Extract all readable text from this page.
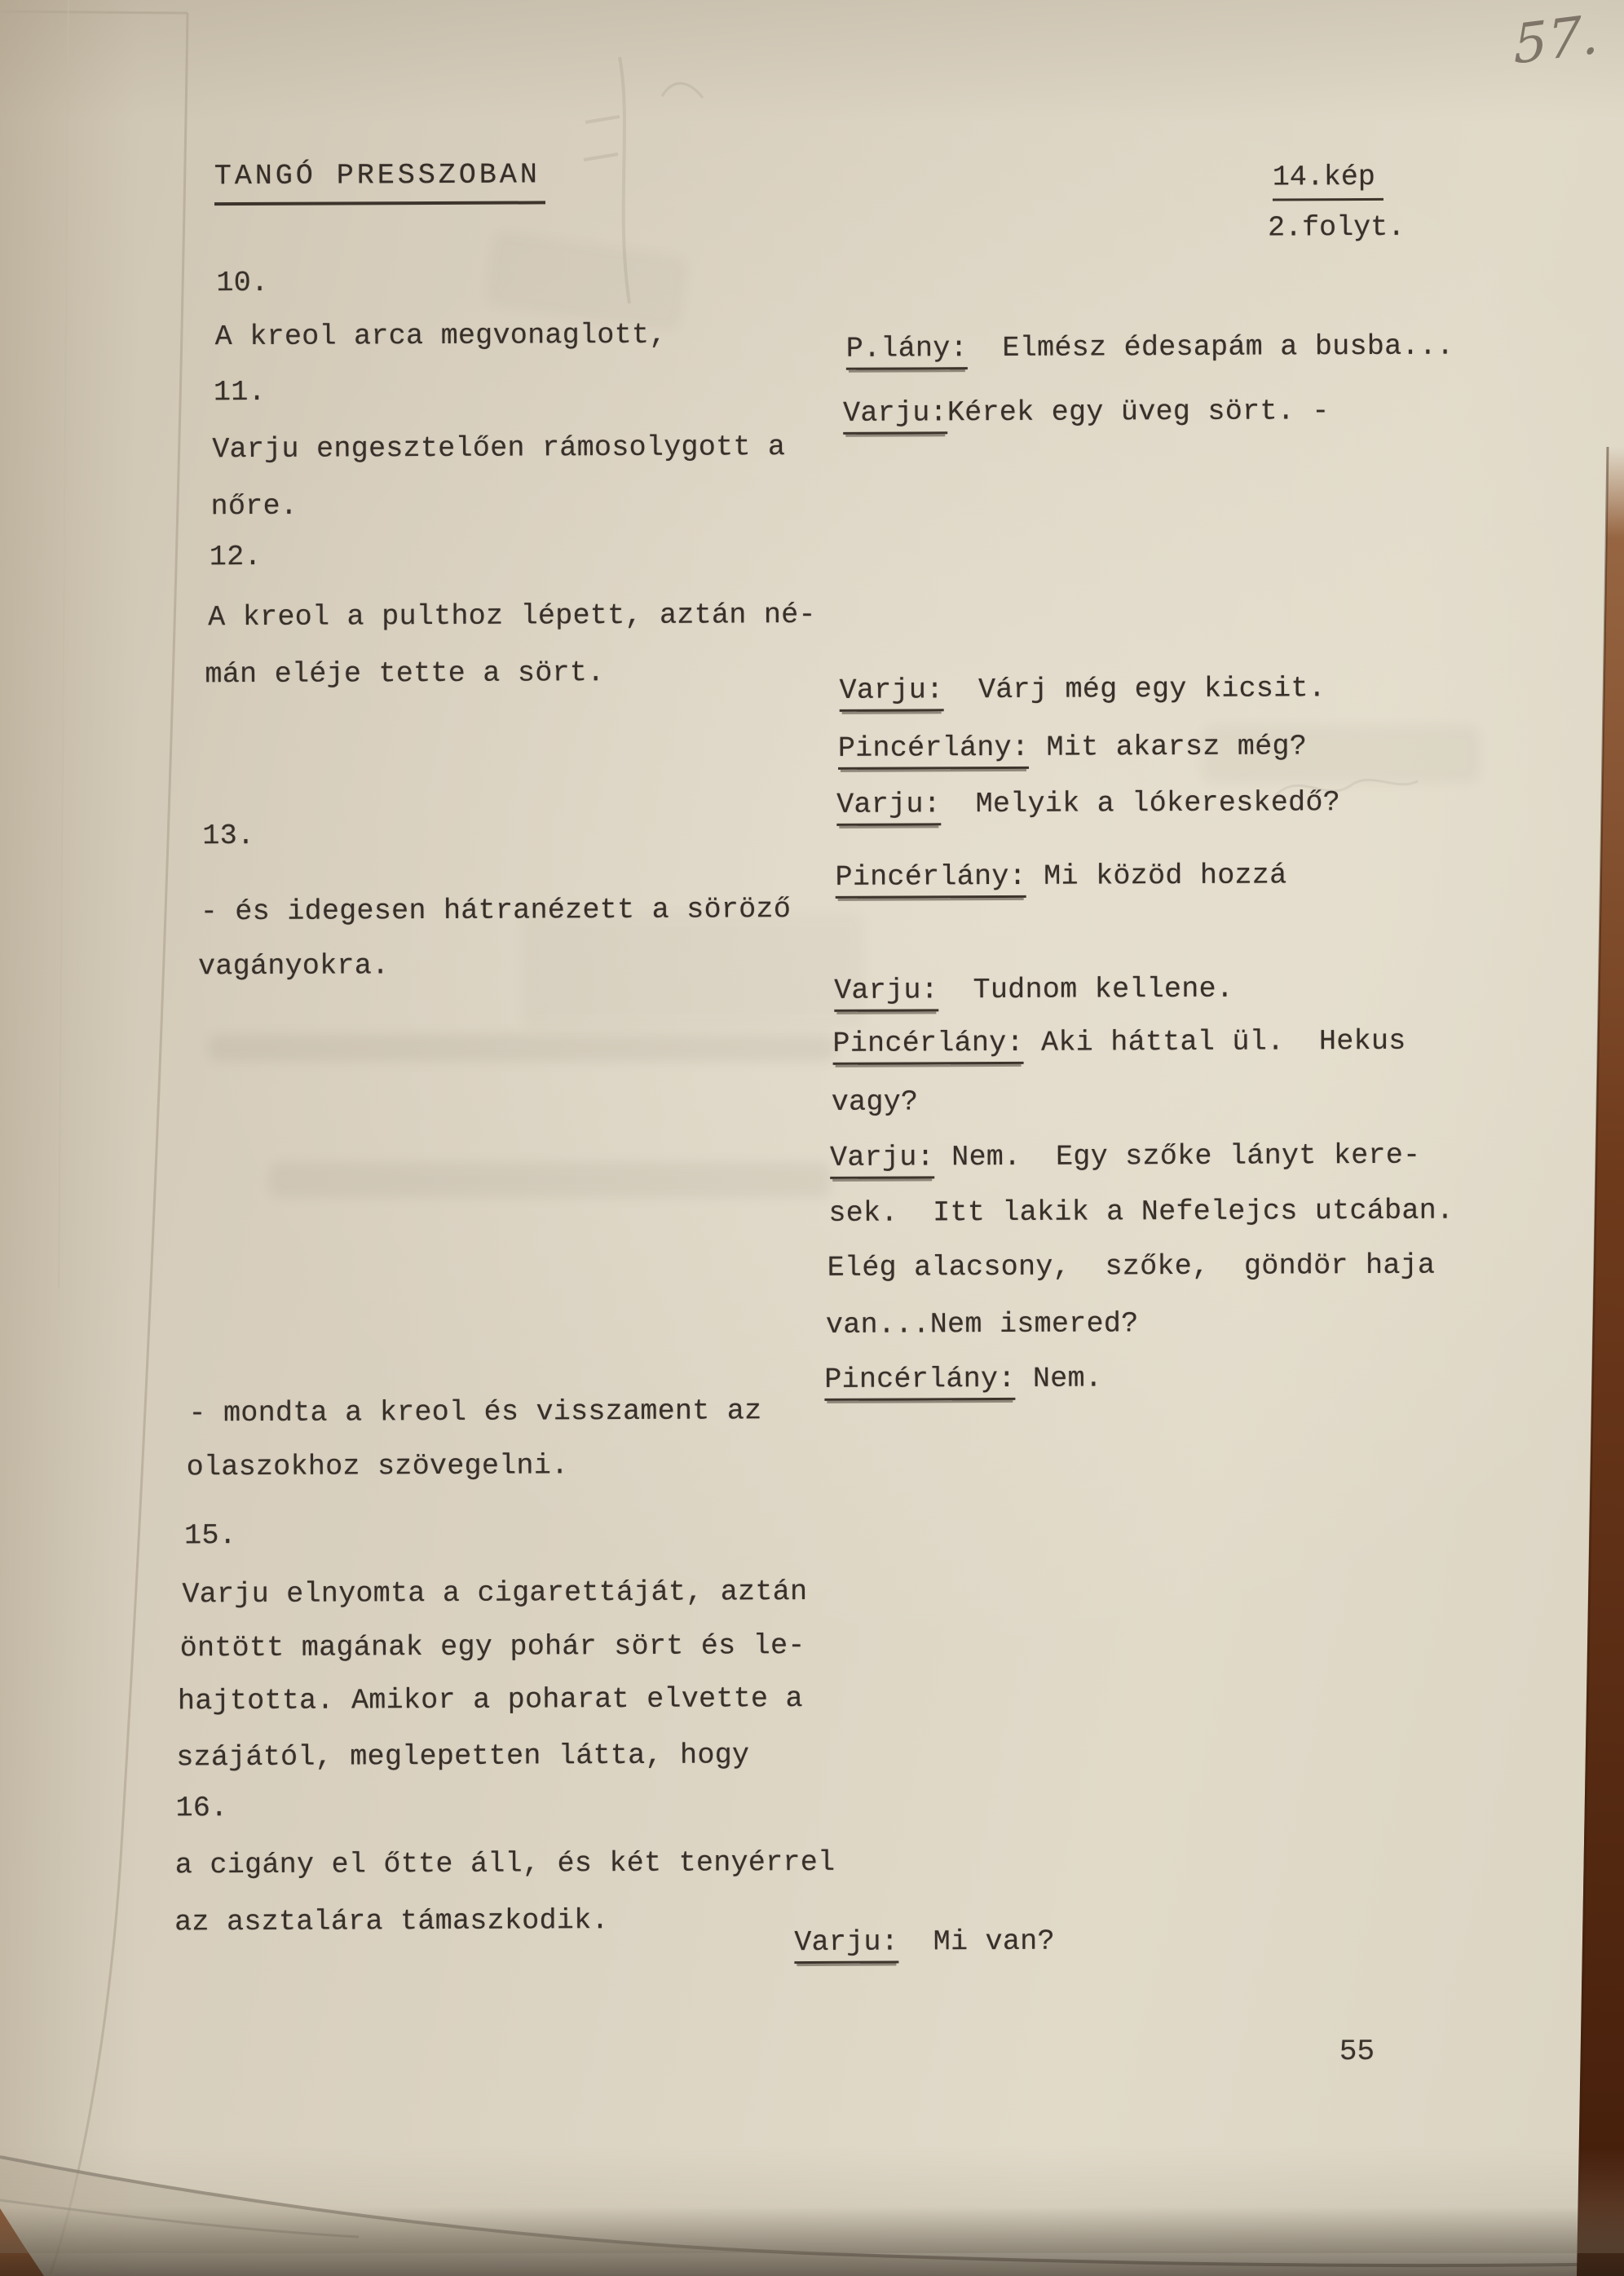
57.
TANGÓ PRESSZOBAN	14.kép
2.folyt.
10.
A kreol arca megvonaglott,
11.
Varju engesztelően rámosolygott a
nőre.
12.
A kreol a pulthoz lépett, aztán né-
mán eléje tette a sört.
13.
- és idegesen hátranézett a söröző
vagányokra.
- mondta a kreol és visszament az
olaszokhoz szövegelni.
15.
Varju elnyomta a cigarettáját, aztán
öntött magának egy pohár sört és le-
hajtotta. Amikor a poharat elvette a
szájától, meglepetten látta, hogy
16.
a cigány el őtte áll, és két tenyérrel
az asztalára támaszkodik.
P.lány:  Elmész édesapám a busba...
Varju:Kérek egy üveg sört. -
Varju:  Várj még egy kicsit.
Pincérlány: Mit akarsz még?
Varju:  Melyik a lókereskedő?
Pincérlány: Mi közöd hozzá
Varju:  Tudnom kellene.
Pincérlány: Aki háttal ül.  Hekus
vagy?
Varju: Nem.  Egy szőke lányt kere-
sek.  Itt lakik a Nefelejcs utcában.
Elég alacsony,  szőke,  göndör haja
van...Nem ismered?
Pincérlány: Nem.
Varju:  Mi van?
55
